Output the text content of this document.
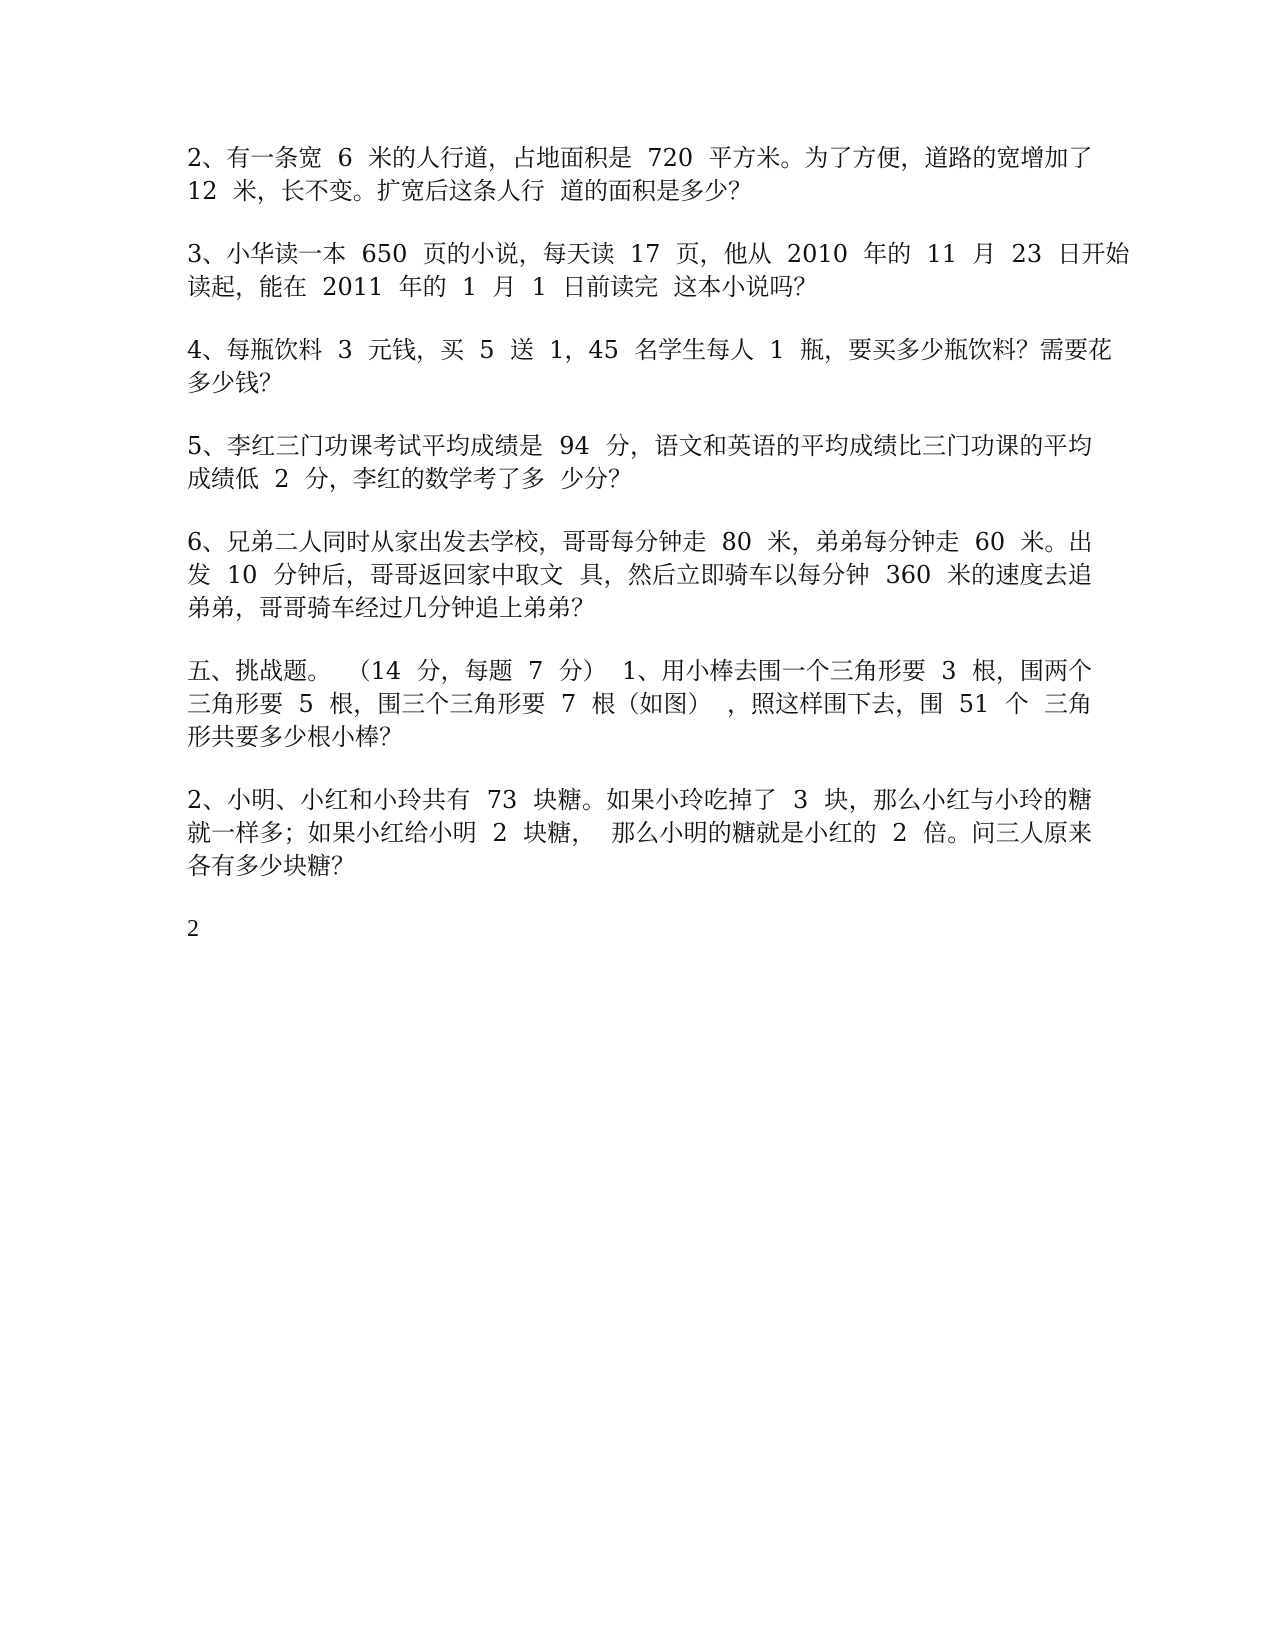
2、有一条宽  6  米的人行道，占地面积是  720  平方米。为了方便，道路的宽增加了
12  米，长不变。扩宽后这条人行  道的面积是多少？
3、小华读一本  650  页的小说，每天读  17  页，他从  2010  年的  11  月  23  日开始
读起，能在  2011  年的  1  月  1  日前读完  这本小说吗？
4、每瓶饮料  3  元钱，买  5  送  1，45  名学生每人  1  瓶，要买多少瓶饮料？需要花
多少钱？
5、李红三门功课考试平均成绩是  94  分，语文和英语的平均成绩比三门功课的平均
成绩低  2  分，李红的数学考了多  少分？
6、兄弟二人同时从家出发去学校，哥哥每分钟走  80  米，弟弟每分钟走  60  米。出
发  10  分钟后，哥哥返回家中取文  具，然后立即骑车以每分钟  360  米的速度去追
弟弟，哥哥骑车经过几分钟追上弟弟？
五、挑战题。  （14  分，每题  7  分）  1、用小棒去围一个三角形要  3  根，围两个
三角形要  5  根，围三个三角形要  7  根（如图）  ，照这样围下去，围  51  个  三角
形共要多少根小棒？
2、小明、小红和小玲共有  73  块糖。如果小玲吃掉了  3  块，那么小红与小玲的糖
就一样多；如果小红给小明  2  块糖，  那么小明的糖就是小红的  2  倍。问三人原来
各有多少块糖？
2
